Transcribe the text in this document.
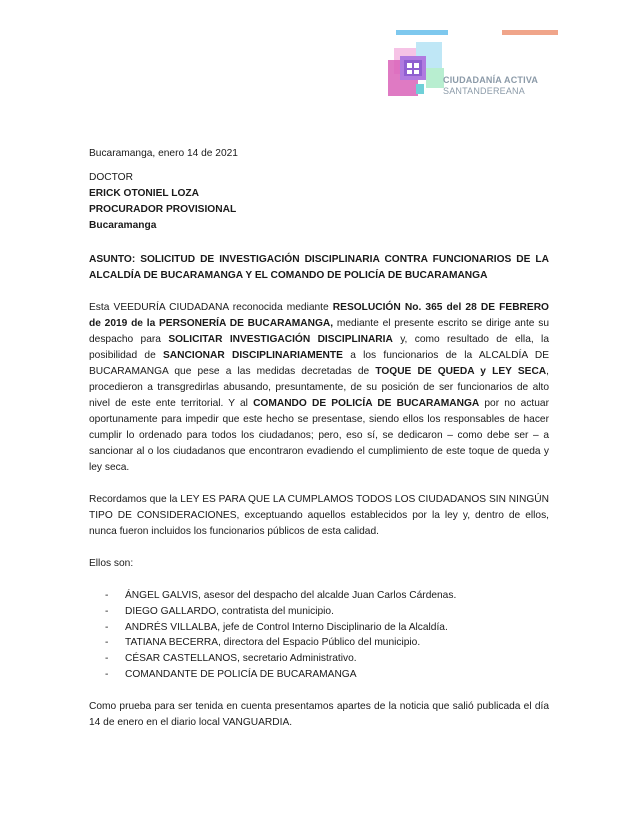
CIUDADANÍA ACTIVA
SANTANDEREANA

Bucaramanga, enero 14 de 2021

DOCTOR

ERICK OTONIEL LOZA

PROCURADOR PROVISIONAL

Bucaramanga

ASUNTO: SOLICITUD DE INVESTIGACIÓN DISCIPLINARIA CONTRA FUNCIONARIOS DE LA ALCALDÍA DE BUCARAMANGA Y EL COMANDO DE POLICÍA DE BUCARAMANGA

Esta VEEDURÍA CIUDADANA reconocida mediante RESOLUCIÓN No. 365 del 28 DE FEBRERO de 2019 de la PERSONERÍA DE BUCARAMANGA, mediante el presente escrito se dirige ante su despacho para SOLICITAR INVESTIGACIÓN DISCIPLINARIA y, como resultado de ella, la posibilidad de SANCIONAR DISCIPLINARIAMENTE a los funcionarios de la ALCALDÍA DE BUCARAMANGA que pese a las medidas decretadas de TOQUE DE QUEDA y LEY SECA, procedieron a transgredirlas abusando, presuntamente, de su posición de ser funcionarios de alto nivel de este ente territorial. Y al COMANDO DE POLICÍA DE BUCARAMANGA por no actuar oportunamente para impedir que este hecho se presentase, siendo ellos los responsables de hacer cumplir lo ordenado para todos los ciudadanos; pero, eso sí, se dedicaron – como debe ser – a sancionar al o los ciudadanos que encontraron evadiendo el cumplimiento de este toque de queda y ley seca.

Recordamos que la LEY ES PARA QUE LA CUMPLAMOS TODOS LOS CIUDADANOS SIN NINGÚN TIPO DE CONSIDERACIONES, exceptuando aquellos establecidos por la ley y, dentro de ellos, nunca fueron incluidos los funcionarios públicos de esta calidad.

Ellos son:

- ÁNGEL GALVIS, asesor del despacho del alcalde Juan Carlos Cárdenas.
- DIEGO GALLARDO, contratista del municipio.
- ANDRÉS VILLALBA, jefe de Control Interno Disciplinario de la Alcaldía.
- TATIANA BECERRA, directora del Espacio Público del municipio.
- CÉSAR CASTELLANOS, secretario Administrativo.
- COMANDANTE DE POLICÍA DE BUCARAMANGA

Como prueba para ser tenida en cuenta presentamos apartes de la noticia que salió publicada el día 14 de enero en el diario local VANGUARDIA.
